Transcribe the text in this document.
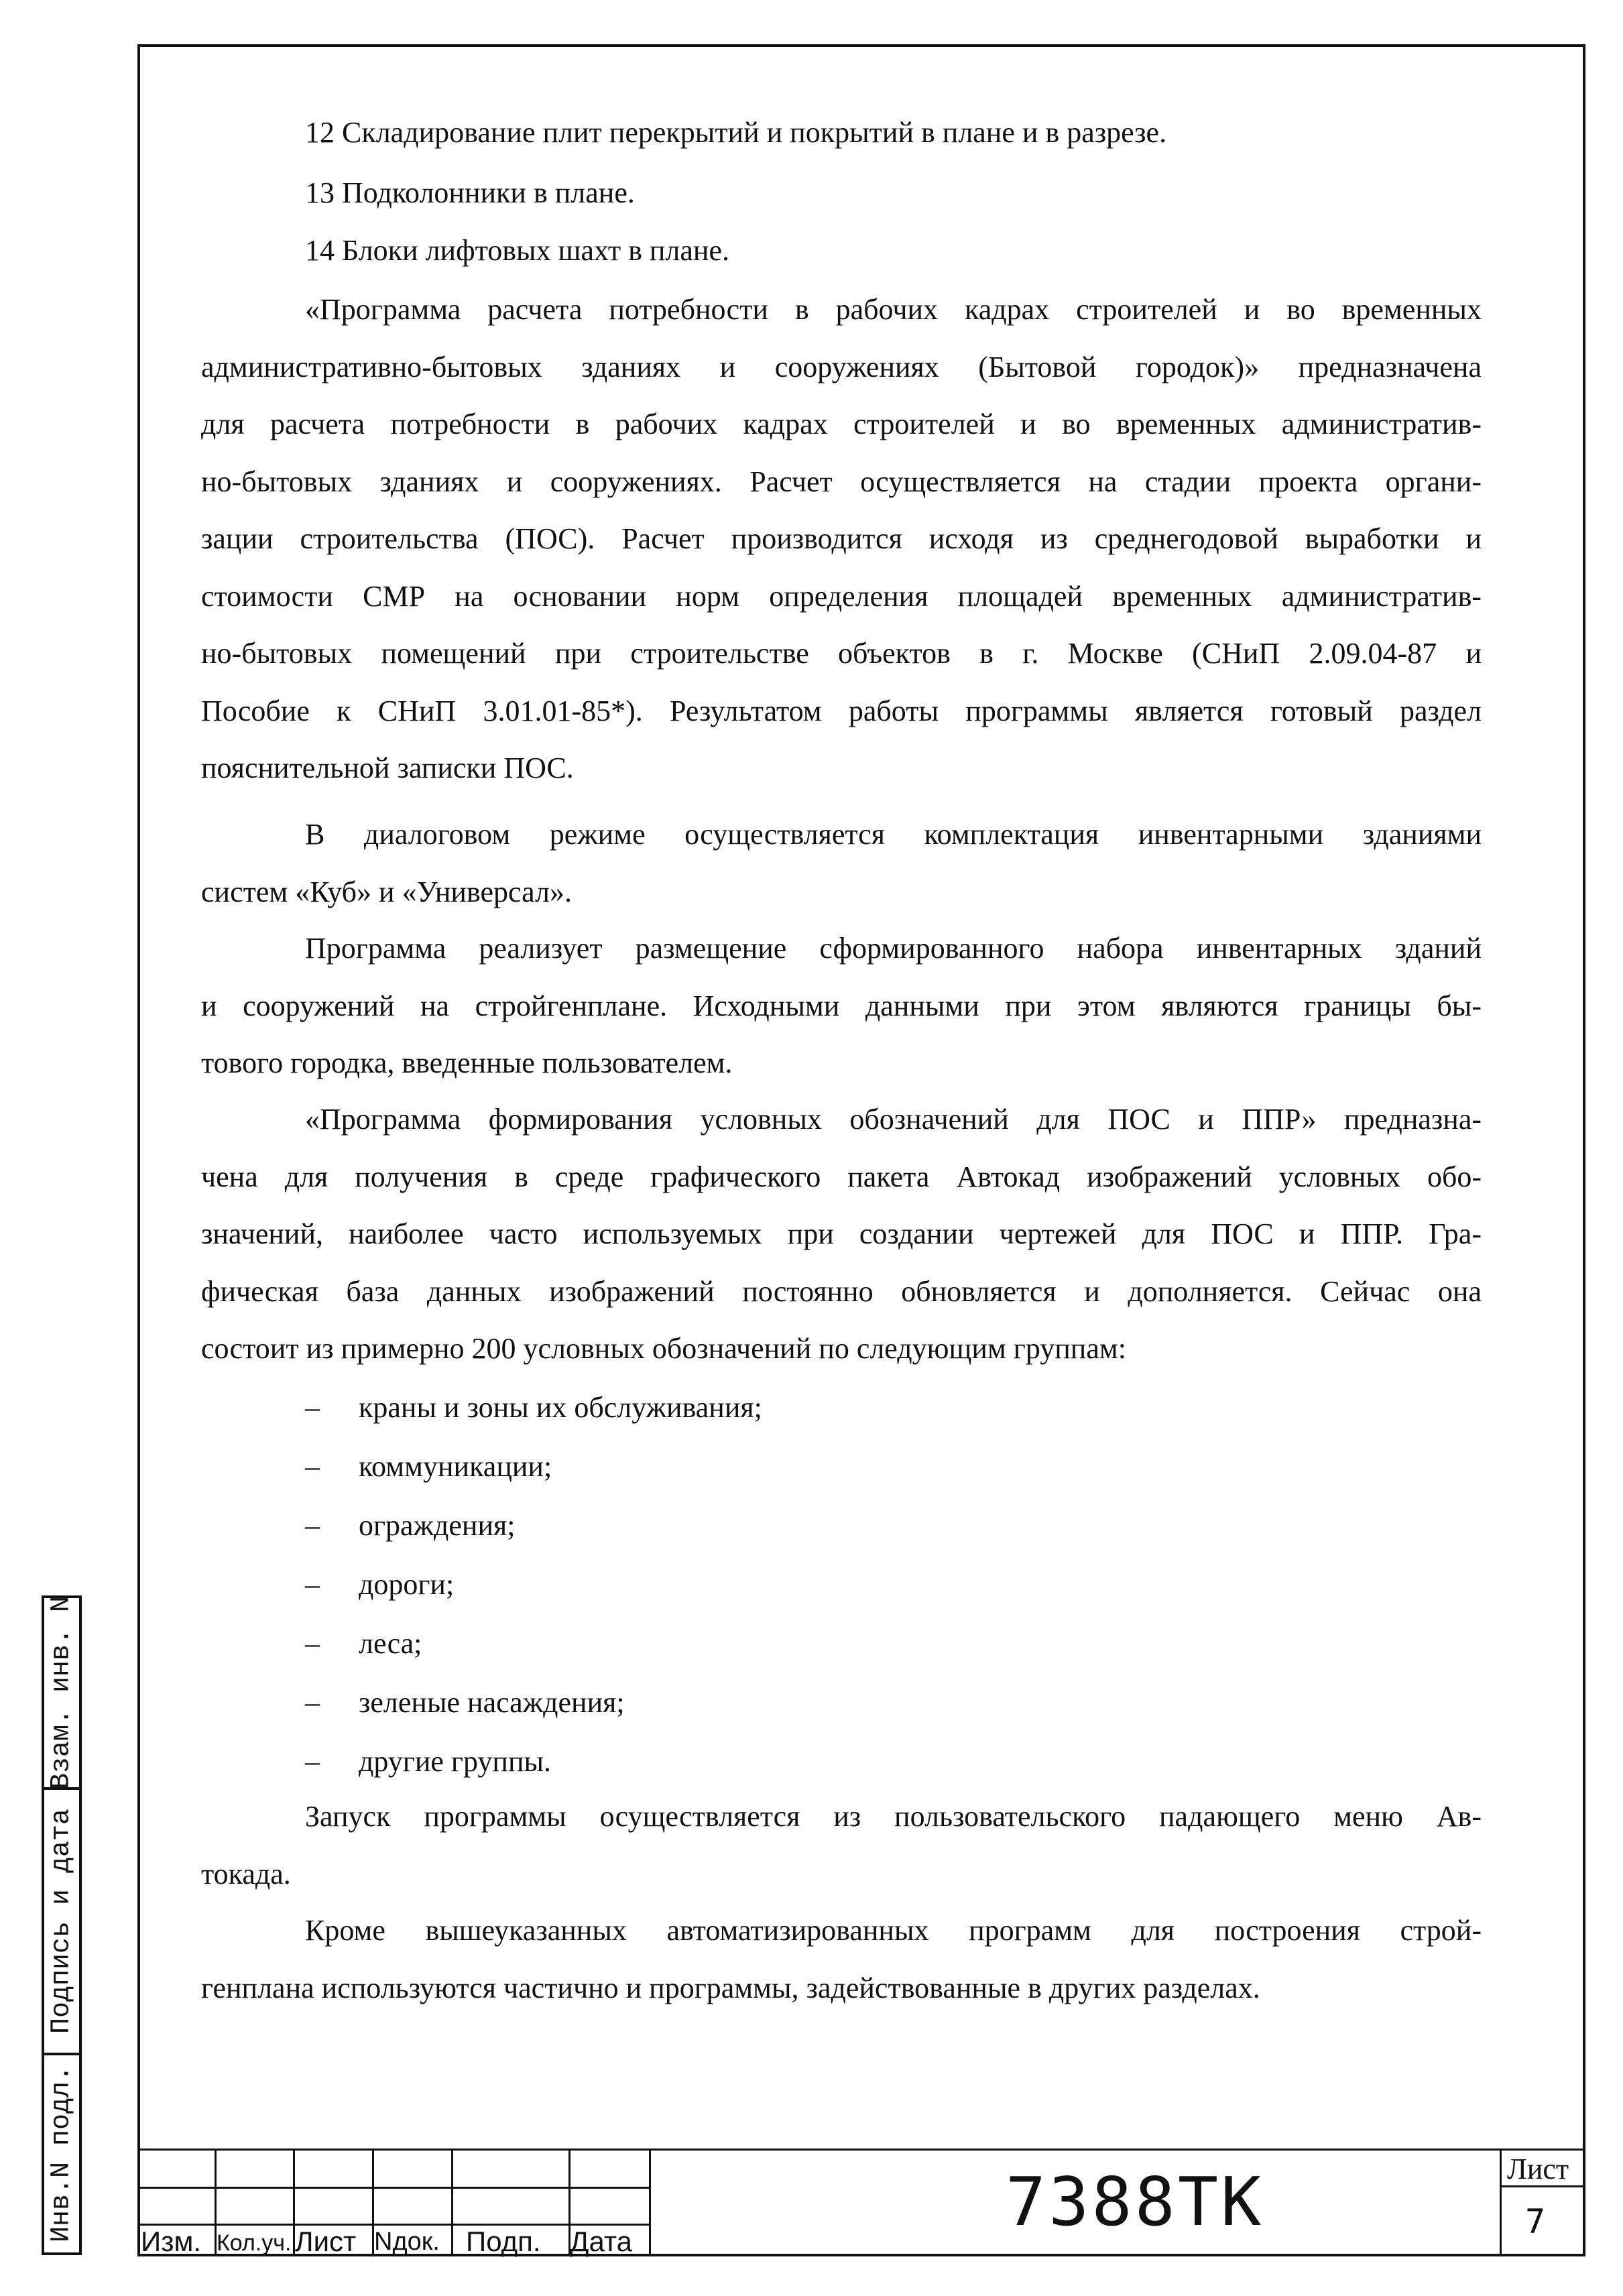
12 Складирование плит перекрытий и покрытий в плане и в разрезе.
13 Подколонники в плане.
14 Блоки лифтовых шахт в плане.
«Программа расчета потребности в рабочих кадрах строителей и во временных
административно-бытовых зданиях и сооружениях (Бытовой городок)» предназначена
для расчета потребности в рабочих кадрах строителей и во временных административ-
но-бытовых зданиях и сооружениях. Расчет осуществляется на стадии проекта органи-
зации строительства (ПОС). Расчет производится исходя из среднегодовой выработки и
стоимости СМР на основании норм определения площадей временных административ-
но-бытовых помещений при строительстве объектов в г. Москве (СНиП 2.09.04-87 и
Пособие к СНиП 3.01.01-85*). Результатом работы программы является готовый раздел
пояснительной записки ПОС.
В диалоговом режиме осуществляется комплектация инвентарными зданиями
систем «Куб» и «Универсал».
Программа реализует размещение сформированного набора инвентарных зданий
и сооружений на стройгенплане. Исходными данными при этом являются границы бы-
тового городка, введенные пользователем.
«Программа формирования условных обозначений для ПОС и ППР» предназна-
чена для получения в среде графического пакета Автокад изображений условных обо-
значений, наиболее часто используемых при создании чертежей для ПОС и ППР. Гра-
фическая база данных изображений постоянно обновляется и дополняется. Сейчас она
состоит из примерно 200 условных обозначений по следующим группам:
– краны и зоны их обслуживания;
– коммуникации;
– ограждения;
– дороги;
– леса;
– зеленые насаждения;
– другие группы.
Запуск программы осуществляется из пользовательского падающего меню Ав-
токада.
Кроме вышеуказанных автоматизированных программ для построения строй-
генплана используются частично и программы, задействованные в других разделах.
Взам. инв. N
Подпись и дата
Инв.N подл. Изм. Кол.уч. Лист Nдок. Подп. Дата
7388ТК	Лист
7
